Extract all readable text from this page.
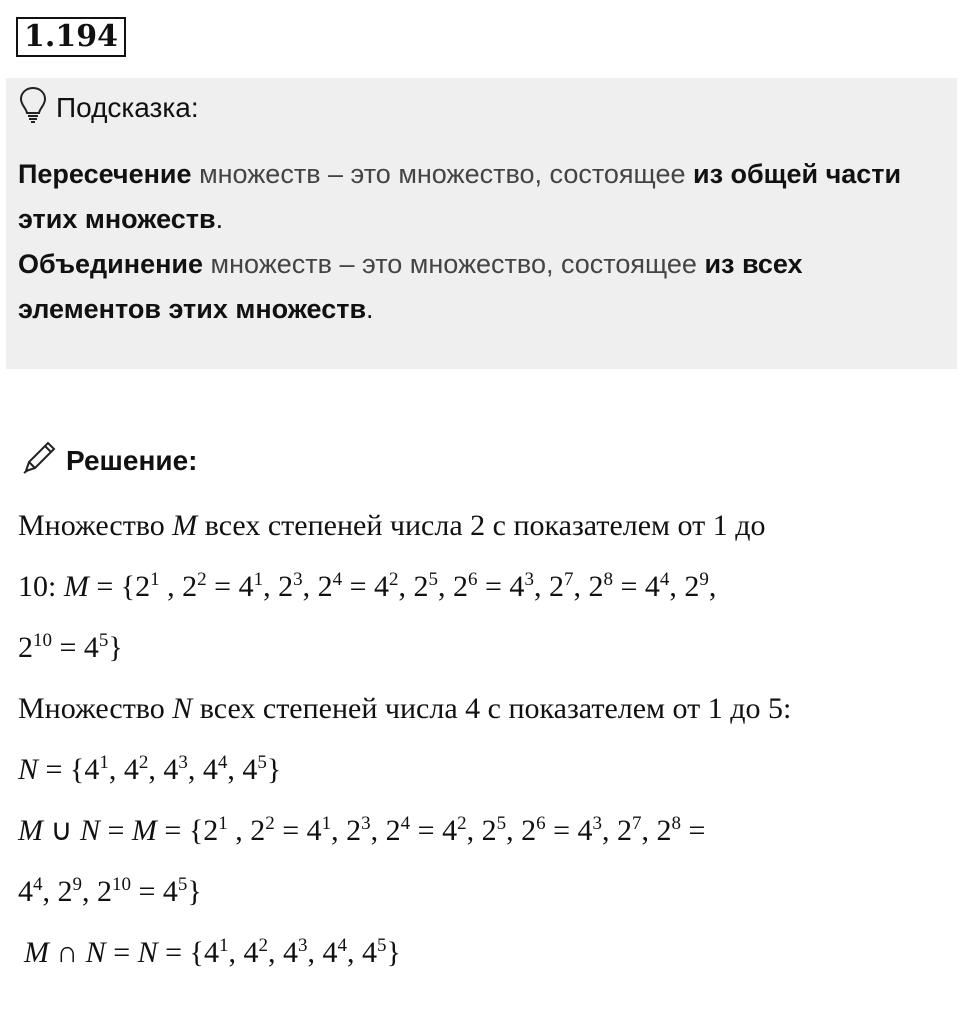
1.194
Подсказка:
Пересечение множеств – это множество, состоящее из общей части этих множеств.
Объединение множеств – это множество, состоящее из всех элементов этих множеств.
Решение:
Множество M всех степеней числа 2 с показателем от 1 до
10: $M = \{2^1$ , $2^2 = 4^1$, $2^3$, $2^4 = 4^2$, $2^5$, $2^6 = 4^3$, $2^7$, $2^8 = 4^4$, $2^9$,
$2^{10} = 4^5$}
Множество N всех степеней числа 4 с показателем от 1 до 5:
$N = \{4^1$, $4^2$, $4^3$, $4^4$, $4^5$}
M ∪ $N = M = \{2^1$ , $2^2 = 4^1$, $2^3$, $2^4 = 4^2$, $2^5$, $2^6 = 4^3$, $2^7$, $2^8$ =
$4^4$, $2^9$, $2^{10} = 4^5$}
M ∩ $N = N = \{4^1$, $4^2$, $4^3$, $4^4$, $4^5$}
